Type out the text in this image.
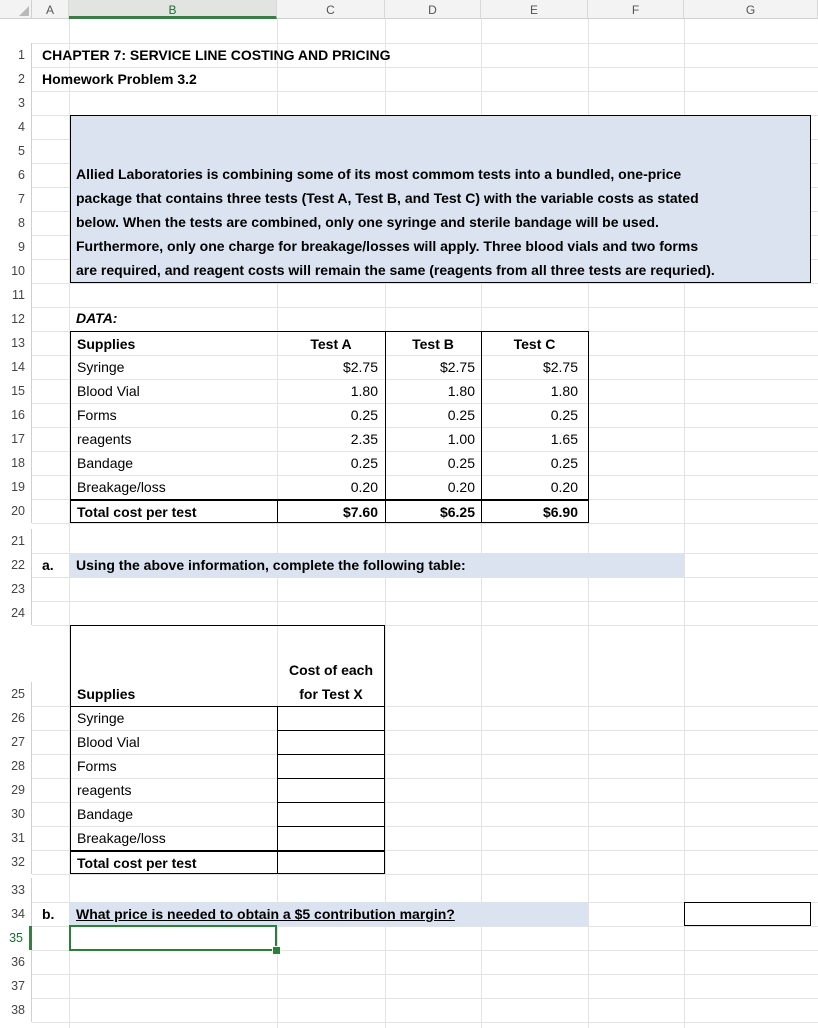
A	B	C	D	E	F	G
1
2
3
4
5
6
7
8
9
10
11
12
13
14
15
16
17
18
19
20
21
22
23
24
25
26
27
28
29
30
31
32
33
34
35
36
37
38
CHAPTER 7: SERVICE LINE COSTING AND PRICING
Homework Problem 3.2
Allied Laboratories is combining some of its most commom tests into a bundled, one-price
package that contains three tests (Test A, Test B, and Test C) with the variable costs as stated
below. When the tests are combined, only one syringe and sterile bandage will be used.
Furthermore, only one charge for breakage/losses will apply. Three blood vials and two forms
are required, and reagent costs will remain the same (reagents from all three tests are requried).
DATA:
Supplies	Test A	Test B	Test C
Syringe	$2.75	$2.75	$2.75
Blood Vial	1.80	1.80	1.80
Forms	0.25	0.25	0.25
reagents	2.35	1.00	1.65
Bandage	0.25	0.25	0.25
Breakage/loss	0.20	0.20	0.20
Total cost per test	$7.60	$6.25	$6.90
a. Using the above information, complete the following table:
Cost of each
for Test X
Supplies
Syringe
Blood Vial
Forms
reagents
Bandage
Breakage/loss
Total cost per test
b. What price is needed to obtain a $5 contribution margin?
